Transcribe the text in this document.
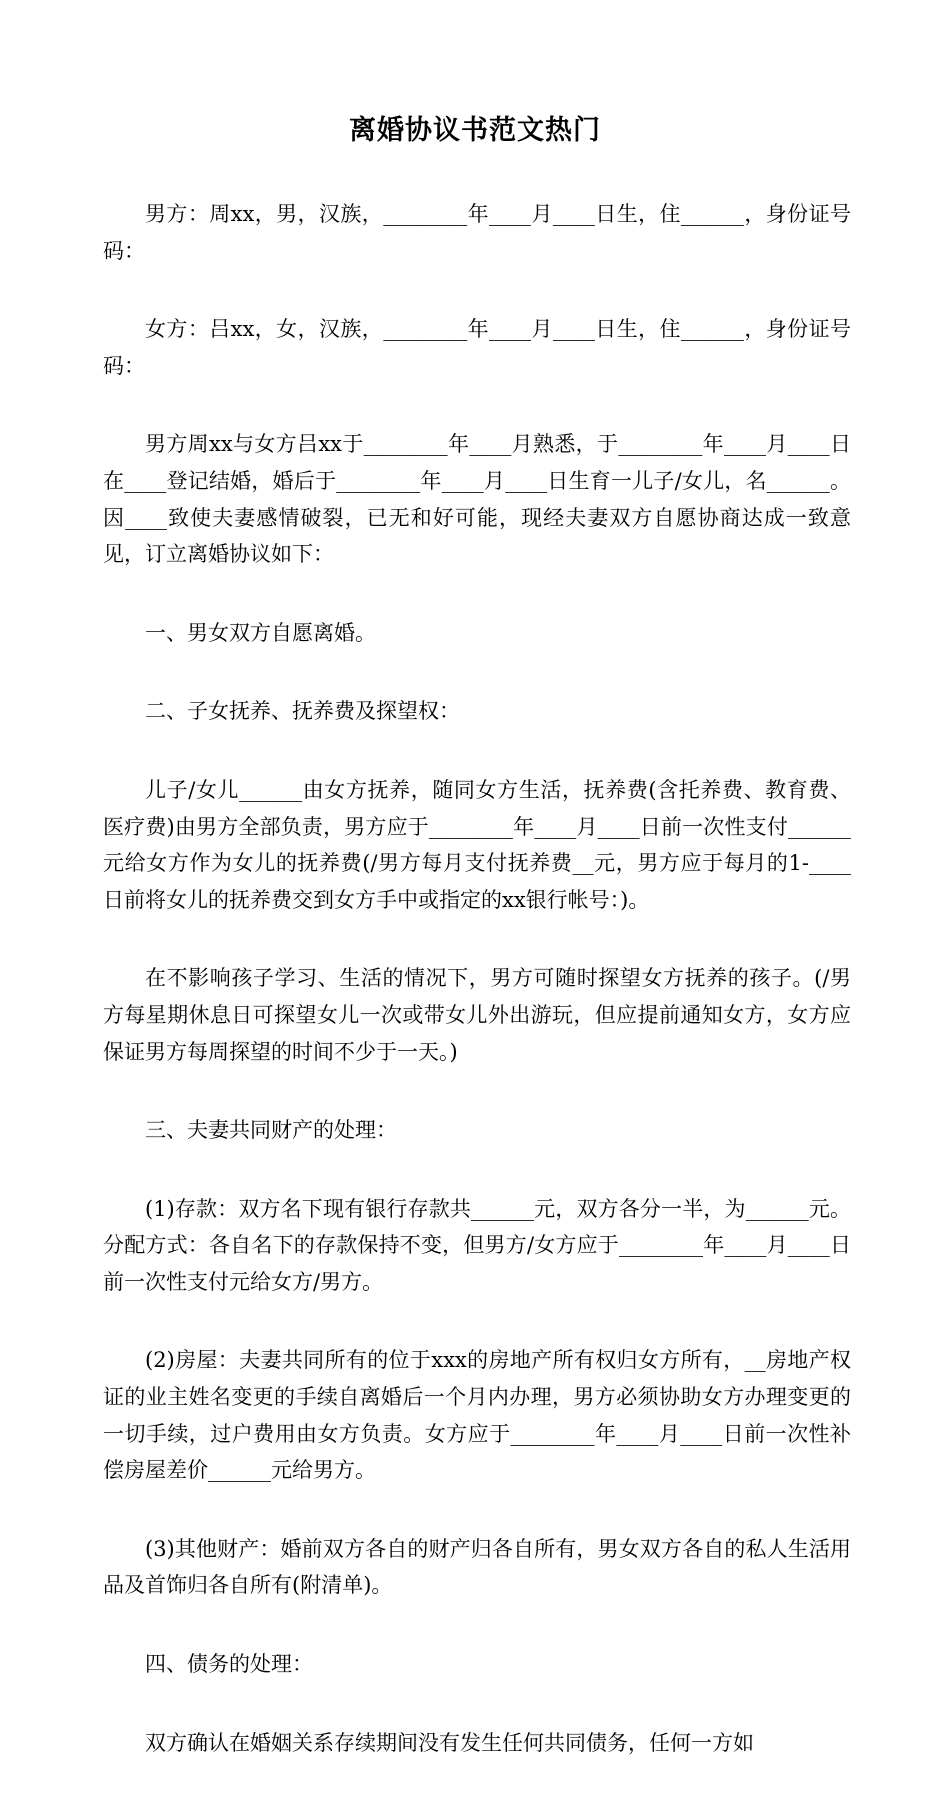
离婚协议书范文热门

男方：周xx，男，汉族，________年____月____日生，住______，身份证号码：

女方：吕xx，女，汉族，________年____月____日生，住______，身份证号码：

男方周xx与女方吕xx于________年____月熟悉，于________年____月____日在____登记结婚，婚后于________年____月____日生育一儿子/女儿，名______。因____致使夫妻感情破裂，已无和好可能，现经夫妻双方自愿协商达成一致意见，订立离婚协议如下：

一、男女双方自愿离婚。

二、子女抚养、抚养费及探望权：

儿子/女儿______由女方抚养，随同女方生活，抚养费(含托养费、教育费、医疗费)由男方全部负责，男方应于________年____月____日前一次性支付______元给女方作为女儿的抚养费(/男方每月支付抚养费__元，男方应于每月的1-____日前将女儿的抚养费交到女方手中或指定的xx银行帐号：)。

在不影响孩子学习、生活的情况下，男方可随时探望女方抚养的孩子。(/男方每星期休息日可探望女儿一次或带女儿外出游玩，但应提前通知女方，女方应保证男方每周探望的时间不少于一天。)

三、夫妻共同财产的处理：

(1)存款：双方名下现有银行存款共______元，双方各分一半，为______元。分配方式：各自名下的存款保持不变，但男方/女方应于________年____月____日前一次性支付元给女方/男方。

(2)房屋：夫妻共同所有的位于xxx的房地产所有权归女方所有，__房地产权证的业主姓名变更的手续自离婚后一个月内办理，男方必须协助女方办理变更的一切手续，过户费用由女方负责。女方应于________年____月____日前一次性补偿房屋差价______元给男方。

(3)其他财产：婚前双方各自的财产归各自所有，男女双方各自的私人生活用品及首饰归各自所有(附清单)。

四、债务的处理：

双方确认在婚姻关系存续期间没有发生任何共同债务，任何一方如
